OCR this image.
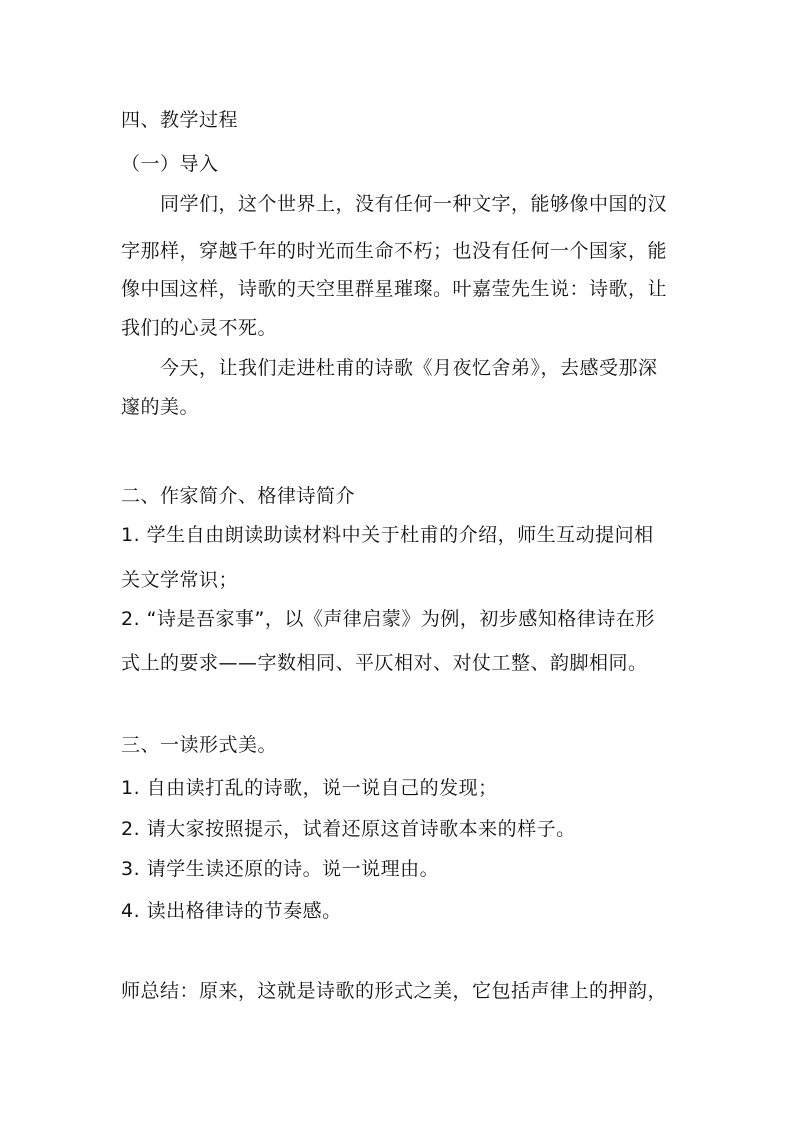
四、教学过程
（一）导入
同学们，这个世界上，没有任何一种文字，能够像中国的汉
字那样，穿越千年的时光而生命不朽；也没有任何一个国家，能
像中国这样，诗歌的天空里群星璀璨。叶嘉莹先生说：诗歌，让
我们的心灵不死。
今天，让我们走进杜甫的诗歌《月夜忆舍弟》，去感受那深
邃的美。
二、作家简介、格律诗简介
1. 学生自由朗读助读材料中关于杜甫的介绍，师生互动提问相
关文学常识；
2. “诗是吾家事”，以《声律启蒙》为例，初步感知格律诗在形
式上的要求——字数相同、平仄相对、对仗工整、韵脚相同。
三、一读形式美。
1. 自由读打乱的诗歌，说一说自己的发现；
2. 请大家按照提示，试着还原这首诗歌本来的样子。
3. 请学生读还原的诗。说一说理由。
4. 读出格律诗的节奏感。
师总结：原来，这就是诗歌的形式之美，它包括声律上的押韵，
